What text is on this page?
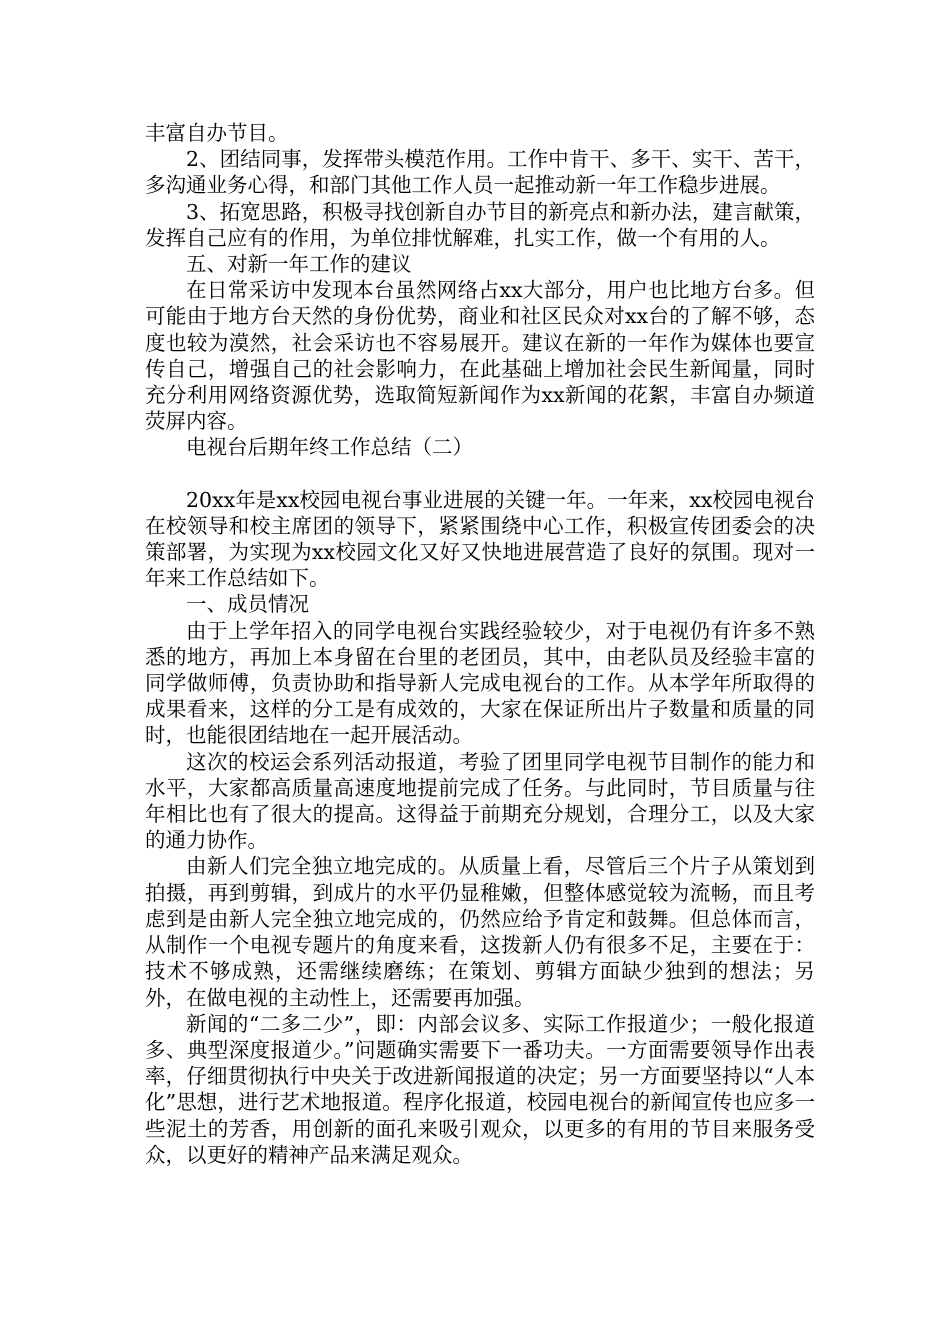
丰富自办节目。

2、团结同事，发挥带头模范作用。工作中肯干、多干、实干、苦干，多沟通业务心得，和部门其他工作人员一起推动新一年工作稳步进展。

3、拓宽思路，积极寻找创新自办节目的新亮点和新办法，建言献策，发挥自己应有的作用，为单位排忧解难，扎实工作，做一个有用的人。

五、对新一年工作的建议

在日常采访中发现本台虽然网络占xx大部分，用户也比地方台多。但可能由于地方台天然的身份优势，商业和社区民众对xx台的了解不够，态度也较为漠然，社会采访也不容易展开。建议在新的一年作为媒体也要宣传自己，增强自己的社会影响力，在此基础上增加社会民生新闻量，同时充分利用网络资源优势，选取简短新闻作为xx新闻的花絮，丰富自办频道荧屏内容。

电视台后期年终工作总结（二）

20xx年是xx校园电视台事业进展的关键一年。一年来，xx校园电视台在校领导和校主席团的领导下，紧紧围绕中心工作，积极宣传团委会的决策部署，为实现为xx校园文化又好又快地进展营造了良好的氛围。现对一年来工作总结如下。

一、成员情况

由于上学年招入的同学电视台实践经验较少，对于电视仍有许多不熟悉的地方，再加上本身留在台里的老团员，其中，由老队员及经验丰富的同学做师傅，负责协助和指导新人完成电视台的工作。从本学年所取得的成果看来，这样的分工是有成效的，大家在保证所出片子数量和质量的同时，也能很团结地在一起开展活动。

这次的校运会系列活动报道，考验了团里同学电视节目制作的能力和水平，大家都高质量高速度地提前完成了任务。与此同时，节目质量与往年相比也有了很大的提高。这得益于前期充分规划，合理分工，以及大家的通力协作。

由新人们完全独立地完成的。从质量上看，尽管后三个片子从策划到拍摄，再到剪辑，到成片的水平仍显稚嫩，但整体感觉较为流畅，而且考虑到是由新人完全独立地完成的，仍然应给予肯定和鼓舞。但总体而言，从制作一个电视专题片的角度来看，这拨新人仍有很多不足，主要在于：技术不够成熟，还需继续磨练；在策划、剪辑方面缺少独到的想法；另外，在做电视的主动性上，还需要再加强。

新闻的“二多二少”，即：内部会议多、实际工作报道少；一般化报道多、典型深度报道少。”问题确实需要下一番功夫。一方面需要领导作出表率，仔细贯彻执行中央关于改进新闻报道的决定；另一方面要坚持以“人本化”思想，进行艺术地报道。程序化报道，校园电视台的新闻宣传也应多一些泥土的芳香，用创新的面孔来吸引观众，以更多的有用的节目来服务受众，以更好的精神产品来满足观众。
